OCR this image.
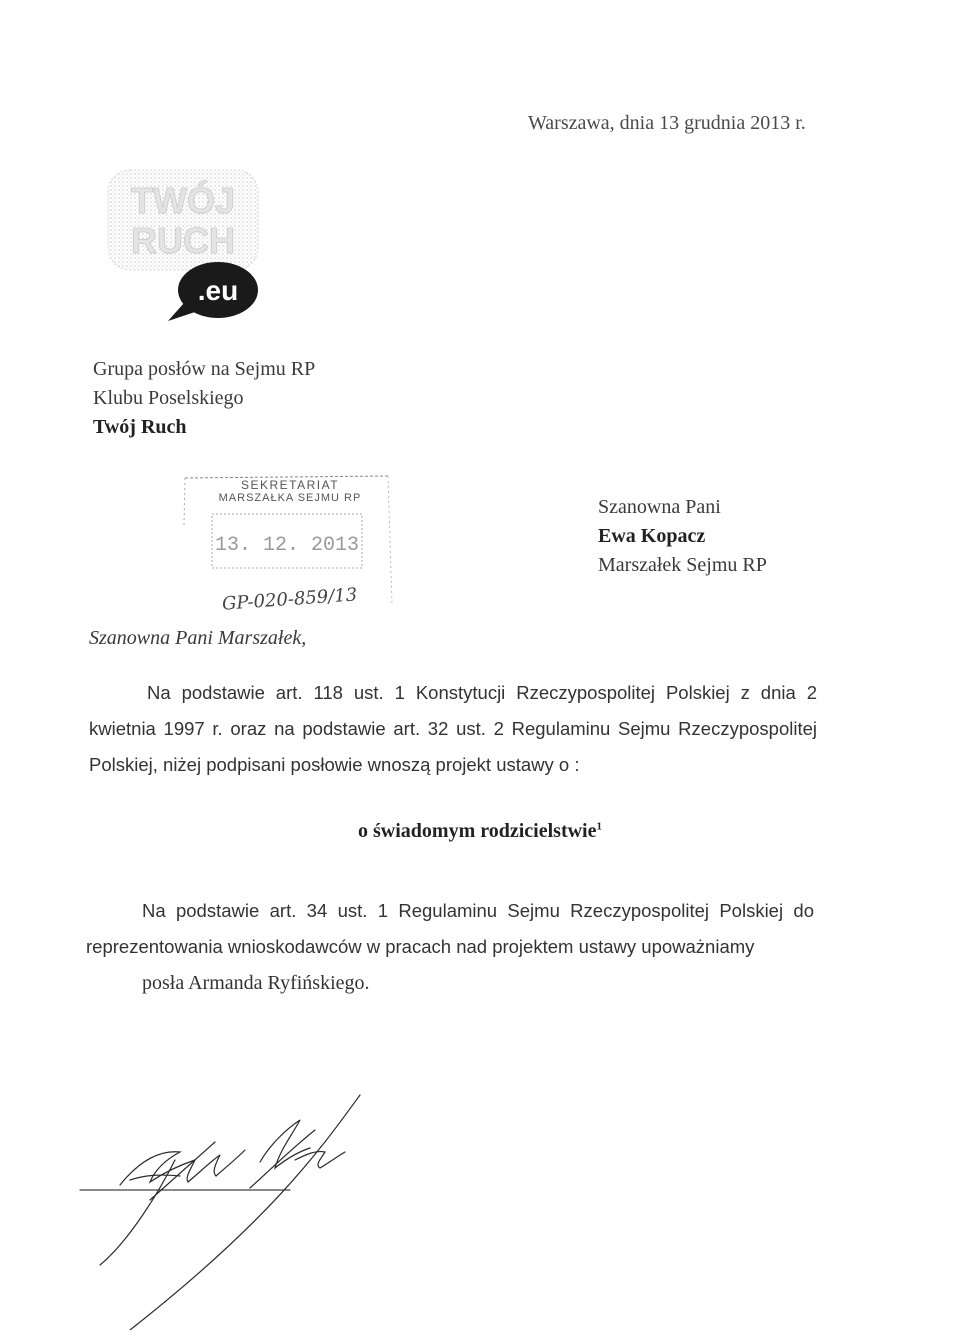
Warszawa, dnia 13 grudnia 2013 r.
TWÓJ
RUCH
.eu
Grupa posłów na Sejmu RP
Klubu Poselskiego
Twój Ruch
SEKRETARIAT
MARSZAŁKA SEJMU RP
13. 12. 2013
GP-020-859/13
Szanowna Pani
Ewa Kopacz
Marszałek Sejmu RP
Szanowna Pani Marszałek,
Na podstawie art. 118 ust. 1 Konstytucji Rzeczypospolitej Polskiej z dnia 2 kwietnia 1997 r. oraz na podstawie art. 32 ust. 2 Regulaminu Sejmu Rzeczypospolitej Polskiej, niżej podpisani posłowie wnoszą projekt ustawy o :
o świadomym rodzicielstwie$^1$
Na podstawie art. 34 ust. 1 Regulaminu Sejmu Rzeczypospolitej Polskiej do reprezentowania wnioskodawców w pracach nad projektem ustawy upoważniamy
posła Armanda Ryfińskiego.
